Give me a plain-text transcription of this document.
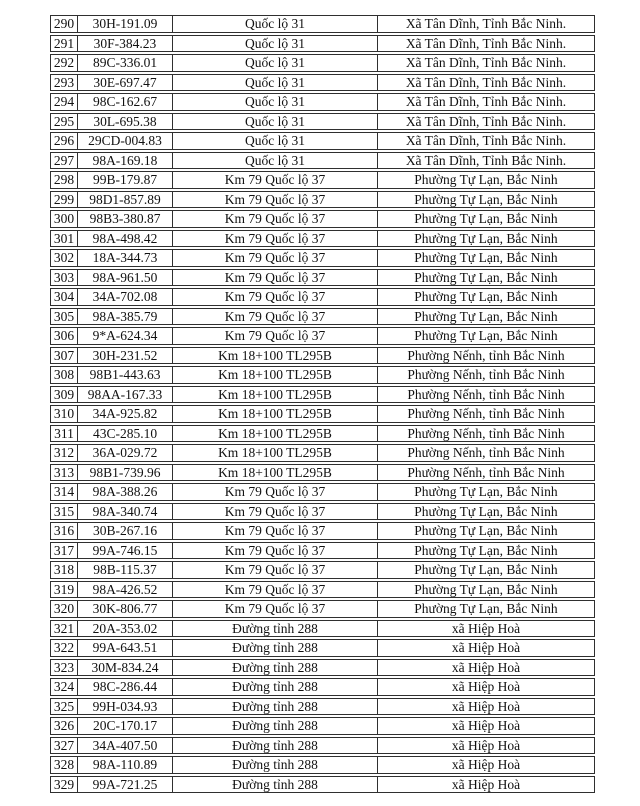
290	30H-191.09	Quốc lộ 31	Xã Tân Dĩnh, Tỉnh Bắc Ninh.
291	30F-384.23	Quốc lộ 31	Xã Tân Dĩnh, Tỉnh Bắc Ninh.
292	89C-336.01	Quốc lộ 31	Xã Tân Dĩnh, Tỉnh Bắc Ninh.
293	30E-697.47	Quốc lộ 31	Xã Tân Dĩnh, Tỉnh Bắc Ninh.
294	98C-162.67	Quốc lộ 31	Xã Tân Dĩnh, Tỉnh Bắc Ninh.
295	30L-695.38	Quốc lộ 31	Xã Tân Dĩnh, Tỉnh Bắc Ninh.
296	29CD-004.83	Quốc lộ 31	Xã Tân Dĩnh, Tỉnh Bắc Ninh.
297	98A-169.18	Quốc lộ 31	Xã Tân Dĩnh, Tỉnh Bắc Ninh.
298	99B-179.87	Km 79 Quốc lộ 37	Phường Tự Lạn, Bắc Ninh
299	98D1-857.89	Km 79 Quốc lộ 37	Phường Tự Lạn, Bắc Ninh
300	98B3-380.87	Km 79 Quốc lộ 37	Phường Tự Lạn, Bắc Ninh
301	98A-498.42	Km 79 Quốc lộ 37	Phường Tự Lạn, Bắc Ninh
302	18A-344.73	Km 79 Quốc lộ 37	Phường Tự Lạn, Bắc Ninh
303	98A-961.50	Km 79 Quốc lộ 37	Phường Tự Lạn, Bắc Ninh
304	34A-702.08	Km 79 Quốc lộ 37	Phường Tự Lạn, Bắc Ninh
305	98A-385.79	Km 79 Quốc lộ 37	Phường Tự Lạn, Bắc Ninh
306	9*A-624.34	Km 79 Quốc lộ 37	Phường Tự Lạn, Bắc Ninh
307	30H-231.52	Km 18+100 TL295B	Phường Nếnh, tỉnh Bắc Ninh
308	98B1-443.63	Km 18+100 TL295B	Phường Nếnh, tỉnh Bắc Ninh
309	98AA-167.33	Km 18+100 TL295B	Phường Nếnh, tỉnh Bắc Ninh
310	34A-925.82	Km 18+100 TL295B	Phường Nếnh, tỉnh Bắc Ninh
311	43C-285.10	Km 18+100 TL295B	Phường Nếnh, tỉnh Bắc Ninh
312	36A-029.72	Km 18+100 TL295B	Phường Nếnh, tỉnh Bắc Ninh
313	98B1-739.96	Km 18+100 TL295B	Phường Nếnh, tỉnh Bắc Ninh
314	98A-388.26	Km 79 Quốc lộ 37	Phường Tự Lạn, Bắc Ninh
315	98A-340.74	Km 79 Quốc lộ 37	Phường Tự Lạn, Bắc Ninh
316	30B-267.16	Km 79 Quốc lộ 37	Phường Tự Lạn, Bắc Ninh
317	99A-746.15	Km 79 Quốc lộ 37	Phường Tự Lạn, Bắc Ninh
318	98B-115.37	Km 79 Quốc lộ 37	Phường Tự Lạn, Bắc Ninh
319	98A-426.52	Km 79 Quốc lộ 37	Phường Tự Lạn, Bắc Ninh
320	30K-806.77	Km 79 Quốc lộ 37	Phường Tự Lạn, Bắc Ninh
321	20A-353.02	Đường tỉnh 288	xã Hiệp Hoà
322	99A-643.51	Đường tỉnh 288	xã Hiệp Hoà
323	30M-834.24	Đường tỉnh 288	xã Hiệp Hoà
324	98C-286.44	Đường tỉnh 288	xã Hiệp Hoà
325	99H-034.93	Đường tỉnh 288	xã Hiệp Hoà
326	20C-170.17	Đường tỉnh 288	xã Hiệp Hoà
327	34A-407.50	Đường tỉnh 288	xã Hiệp Hoà
328	98A-110.89	Đường tỉnh 288	xã Hiệp Hoà
329	99A-721.25	Đường tỉnh 288	xã Hiệp Hoà
